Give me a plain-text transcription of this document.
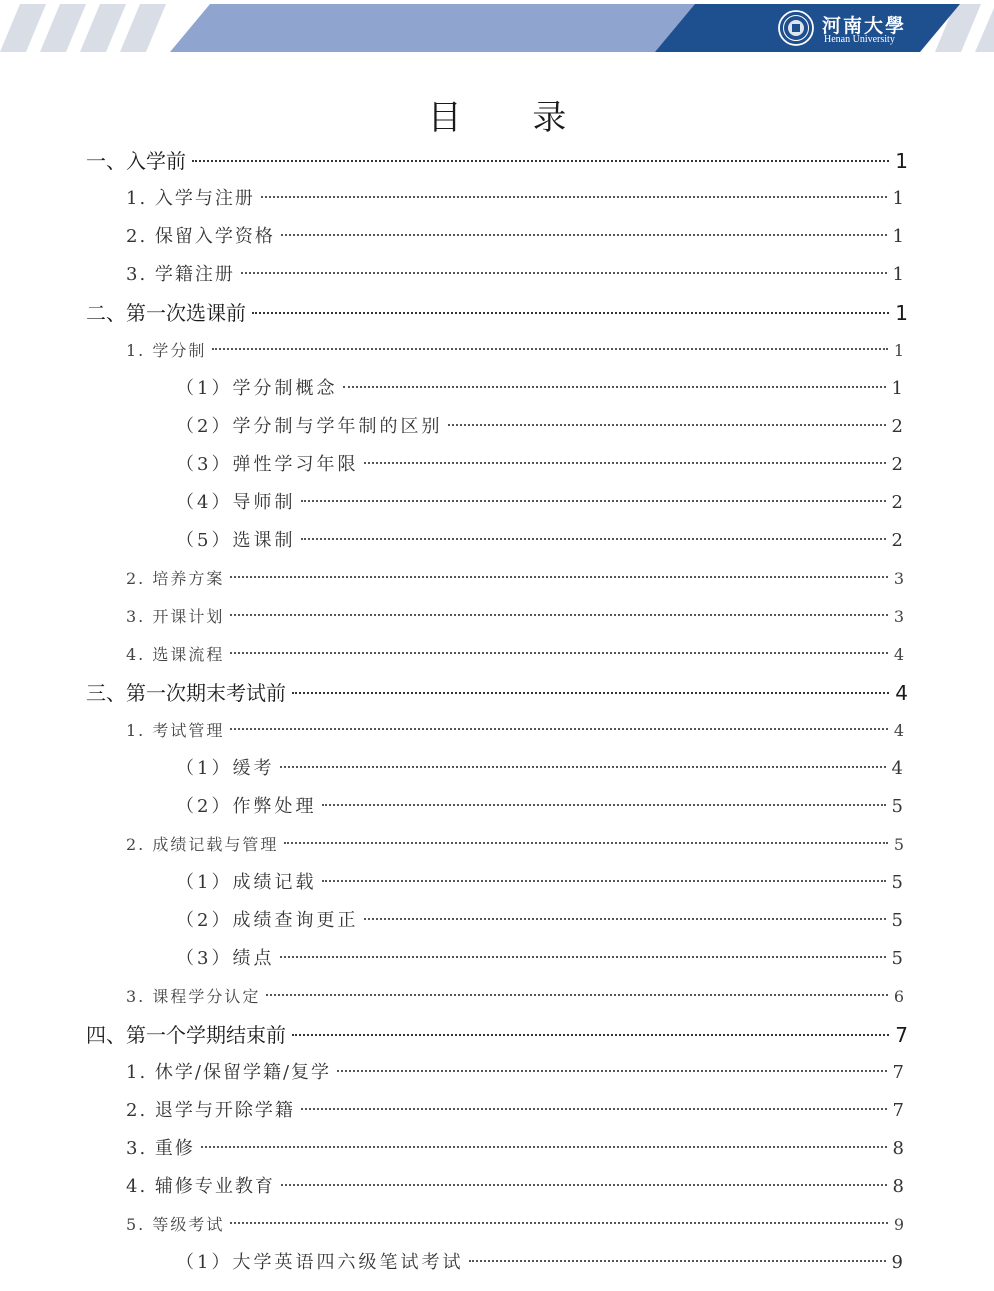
河南大學
Henan University
目 录
一、入学前	1
1. 入学与注册	1
2. 保留入学资格	1
3. 学籍注册	1
二、第一次选课前	1
1. 学分制	1
（1）学分制概念	1
（2）学分制与学年制的区别	2
（3）弹性学习年限	2
（4）导师制	2
（5）选课制	2
2. 培养方案	3
3. 开课计划	3
4. 选课流程	4
三、第一次期末考试前	4
1. 考试管理	4
（1）缓考	4
（2）作弊处理	5
2. 成绩记载与管理	5
（1）成绩记载	5
（2）成绩查询更正	5
（3）绩点	5
3. 课程学分认定	6
四、第一个学期结束前	7
1. 休学/保留学籍/复学	7
2. 退学与开除学籍	7
3. 重修	8
4. 辅修专业教育	8
5. 等级考试	9
（1）大学英语四六级笔试考试	9
